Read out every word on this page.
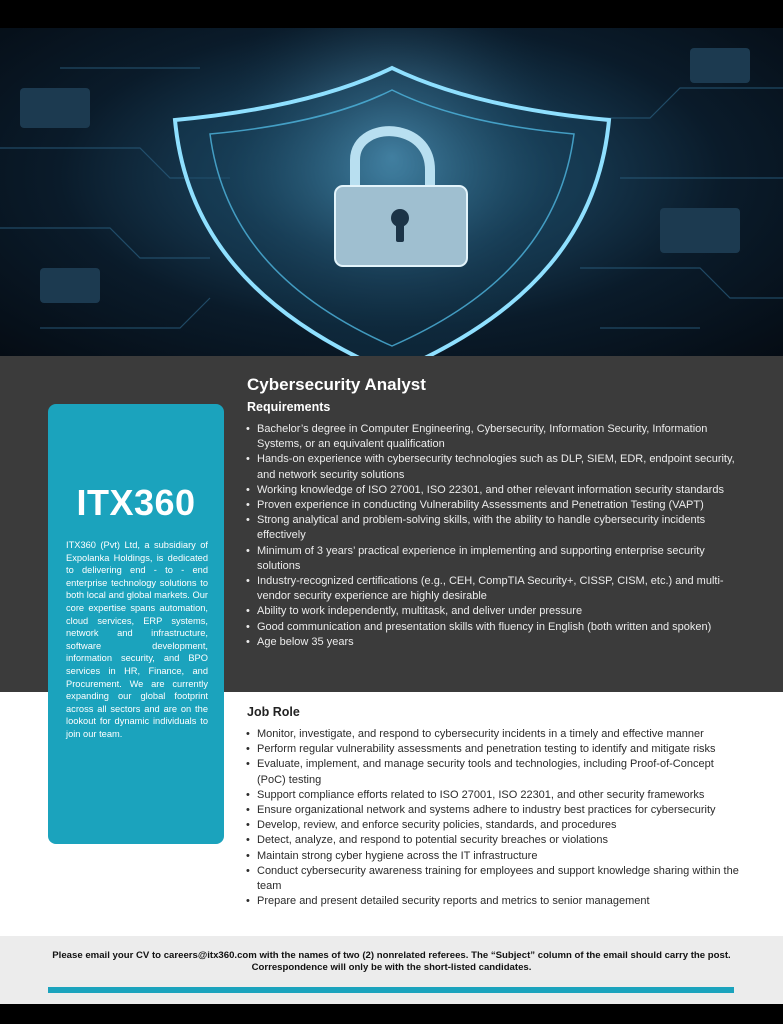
ITX360

ITX360 (Pvt) Ltd, a subsidiary of Expolanka Holdings, is dedicated to delivering end - to - end enterprise technology solutions to both local and global markets. Our core expertise spans automation, cloud services, ERP systems, network and infrastructure, software development, information security, and BPO services in HR, Finance, and Procurement. We are currently expanding our global footprint across all sectors and are on the lookout for dynamic individuals to join our team.

Cybersecurity Analyst
Requirements
• Bachelor’s degree in Computer Engineering, Cybersecurity, Information Security, Information Systems, or an equivalent qualification
• Hands-on experience with cybersecurity technologies such as DLP, SIEM, EDR, endpoint security, and network security solutions
• Working knowledge of ISO 27001, ISO 22301, and other relevant information security standards
• Proven experience in conducting Vulnerability Assessments and Penetration Testing (VAPT)
• Strong analytical and problem-solving skills, with the ability to handle cybersecurity incidents effectively
• Minimum of 3 years’ practical experience in implementing and supporting enterprise security solutions
• Industry-recognized certifications (e.g., CEH, CompTIA Security+, CISSP, CISM, etc.) and multi-vendor security experience are highly desirable
• Ability to work independently, multitask, and deliver under pressure
• Good communication and presentation skills with fluency in English (both written and spoken)
• Age below 35 years
Job Role
• Monitor, investigate, and respond to cybersecurity incidents in a timely and effective manner
• Perform regular vulnerability assessments and penetration testing to identify and mitigate risks
• Evaluate, implement, and manage security tools and technologies, including Proof-of-Concept (PoC) testing
• Support compliance efforts related to ISO 27001, ISO 22301, and other security frameworks
• Ensure organizational network and systems adhere to industry best practices for cybersecurity
• Develop, review, and enforce security policies, standards, and procedures
• Detect, analyze, and respond to potential security breaches or violations
• Maintain strong cyber hygiene across the IT infrastructure
• Conduct cybersecurity awareness training for employees and support knowledge sharing within the team
• Prepare and present detailed security reports and metrics to senior management
Please email your CV to careers@itx360.com with the names of two (2) nonrelated referees. The “Subject” column of the email should carry the post.
Correspondence will only be with the short-listed candidates.
